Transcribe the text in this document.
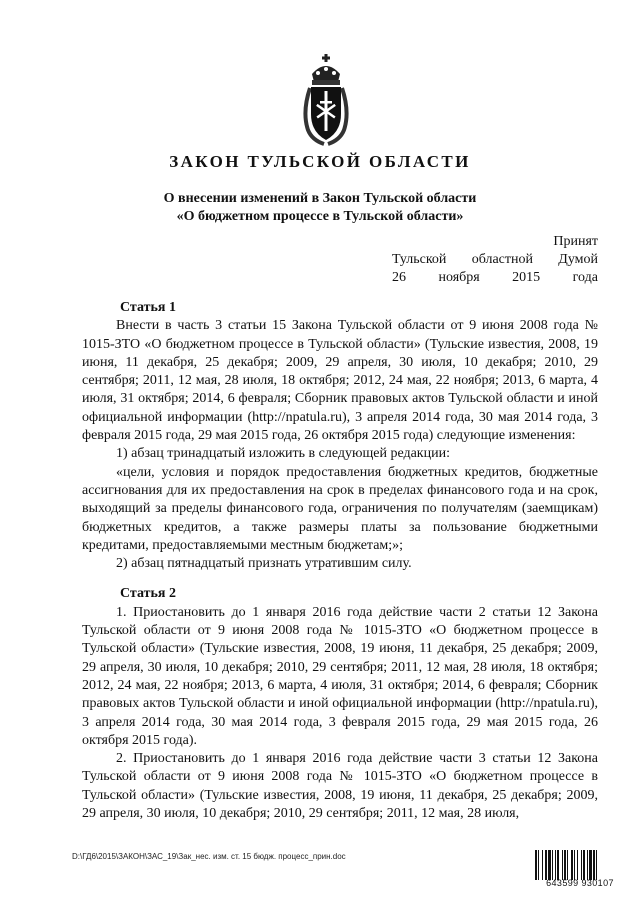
ЗАКОН ТУЛЬСКОЙ ОБЛАСТИ
О внесении изменений в Закон Тульской области
«О бюджетном процессе в Тульской области»
Принят
Тульской областной Думой
26 ноября 2015 года

Статья 1

Внести в часть 3 статьи 15 Закона Тульской области от 9 июня 2008 года № 1015-ЗТО «О бюджетном процессе в Тульской области» (Тульские известия, 2008, 19 июня, 11 декабря, 25 декабря; 2009, 29 апреля, 30 июля, 10 декабря; 2010, 29 сентября; 2011, 12 мая, 28 июля, 18 октября; 2012, 24 мая, 22 ноября; 2013, 6 марта, 4 июля, 31 октября; 2014, 6 февраля; Сборник правовых актов Тульской области и иной официальной информации (http://npatula.ru), 3 апреля 2014 года, 30 мая 2014 года, 3 февраля 2015 года, 29 мая 2015 года, 26 октября 2015 года) следующие изменения:

1) абзац тринадцатый изложить в следующей редакции:

«цели, условия и порядок предоставления бюджетных кредитов, бюджетные ассигнования для их предоставления на срок в пределах финансового года и на срок, выходящий за пределы финансового года, ограничения по получателям (заемщикам) бюджетных кредитов, а также размеры платы за пользование бюджетными кредитами, предоставляемыми местным бюджетам;»;

2) абзац пятнадцатый признать утратившим силу.

Статья 2

1. Приостановить до 1 января 2016 года действие части 2 статьи 12 Закона Тульской области от 9 июня 2008 года № 1015-ЗТО «О бюджетном процессе в Тульской области» (Тульские известия, 2008, 19 июня, 11 декабря, 25 декабря; 2009, 29 апреля, 30 июля, 10 декабря; 2010, 29 сентября; 2011, 12 мая, 28 июля, 18 октября; 2012, 24 мая, 22 ноября; 2013, 6 марта, 4 июля, 31 октября; 2014, 6 февраля; Сборник правовых актов Тульской области и иной официальной информации (http://npatula.ru), 3 апреля 2014 года, 30 мая 2014 года, 3 февраля 2015 года, 29 мая 2015 года, 26 октября 2015 года).

2. Приостановить до 1 января 2016 года действие части 3 статьи 12 Закона Тульской области от 9 июня 2008 года № 1015-ЗТО «О бюджетном процессе в Тульской области» (Тульские известия, 2008, 19 июня, 11 декабря, 25 декабря; 2009, 29 апреля, 30 июля, 10 декабря; 2010, 29 сентября; 2011, 12 мая, 28 июля,

D:\ГД6\2015\ЗАКОН\ЗАС_19\Зак_нес. изм. ст. 15 бюдж. процесс_прин.doc
643599 930107
